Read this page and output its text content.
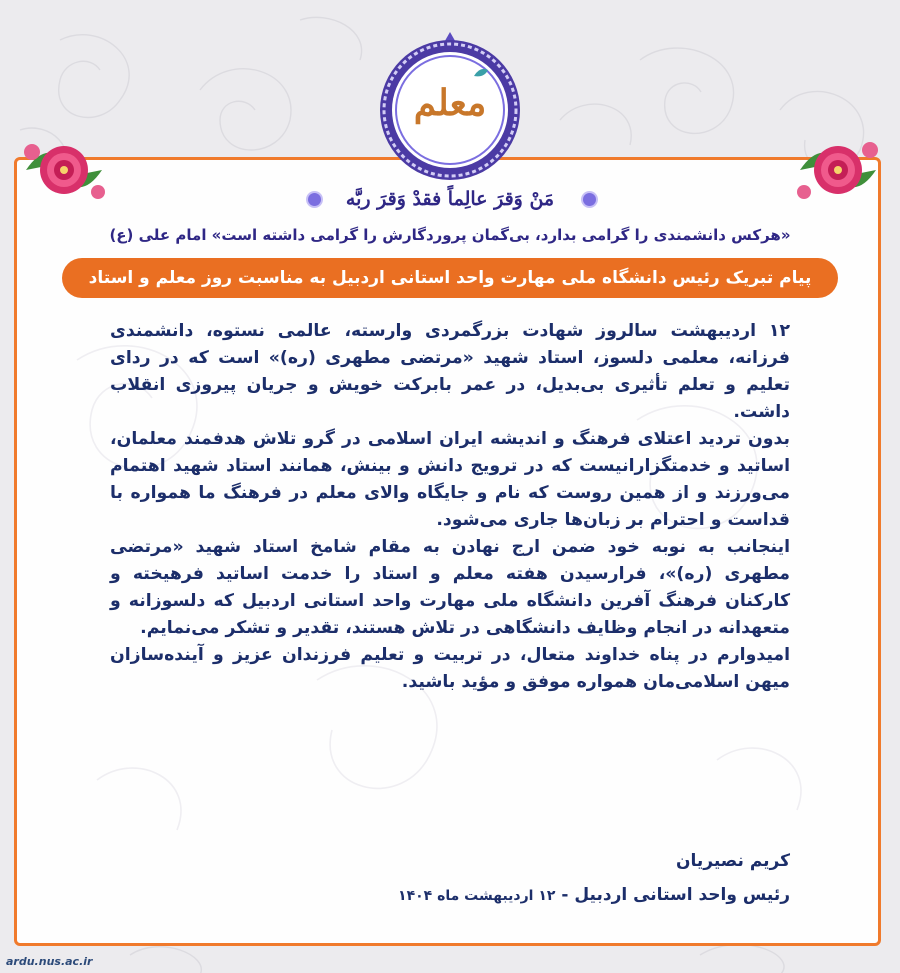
معلم
مَنْ وَقرَ عالِماً فقدْ وَقرَ ربَّه
«هرکس دانشمندی را گرامی بدارد، بی‌گمان پروردگارش را گرامی داشته است» امام علی (ع)
پیام تبریک رئیس دانشگاه ملی مهارت واحد استانی اردبیل به مناسبت روز معلم و استاد

۱۲ اردیبهشت سالروز شهادت بزرگمردی وارسته، عالمی نستوه، دانشمندی فرزانه، معلمی دلسوز، استاد شهید «مرتضی مطهری (ره)» است که در ردای تعلیم و تعلم تأثیری بی‌بدیل، در عمر بابرکت خویش و جریان پیروزی انقلاب داشت.

بدون تردید اعتلای فرهنگ و اندیشه ایران اسلامی در گرو تلاش هدفمند معلمان، اساتید و خدمتگزارانیست که در ترویج دانش و بینش، همانند استاد شهید اهتمام می‌ورزند و از همین روست که نام و جایگاه والای معلم در فرهنگ ما همواره با قداست و احترام بر زبان‌ها جاری می‌شود.

اینجانب به نوبه خود ضمن ارج نهادن به مقام شامخ استاد شهید «مرتضی مطهری (ره)»، فرارسیدن هفته معلم و استاد را خدمت اساتید فرهیخته و کارکنان فرهنگ آفرین دانشگاه ملی مهارت واحد استانی اردبیل که دلسوزانه و متعهدانه در انجام وظایف دانشگاهی در تلاش هستند، تقدیر و تشکر می‌نمایم.

امیدوارم در پناه خداوند متعال، در تربیت و تعلیم فرزندان عزیز و آینده‌سازان میهن اسلامی‌مان همواره موفق و مؤید باشید.

کریم نصیریان
رئیس واحد استانی اردبیل - ۱۲ اردیبهشت ماه ۱۴۰۴
ardu.nus.ac.ir
